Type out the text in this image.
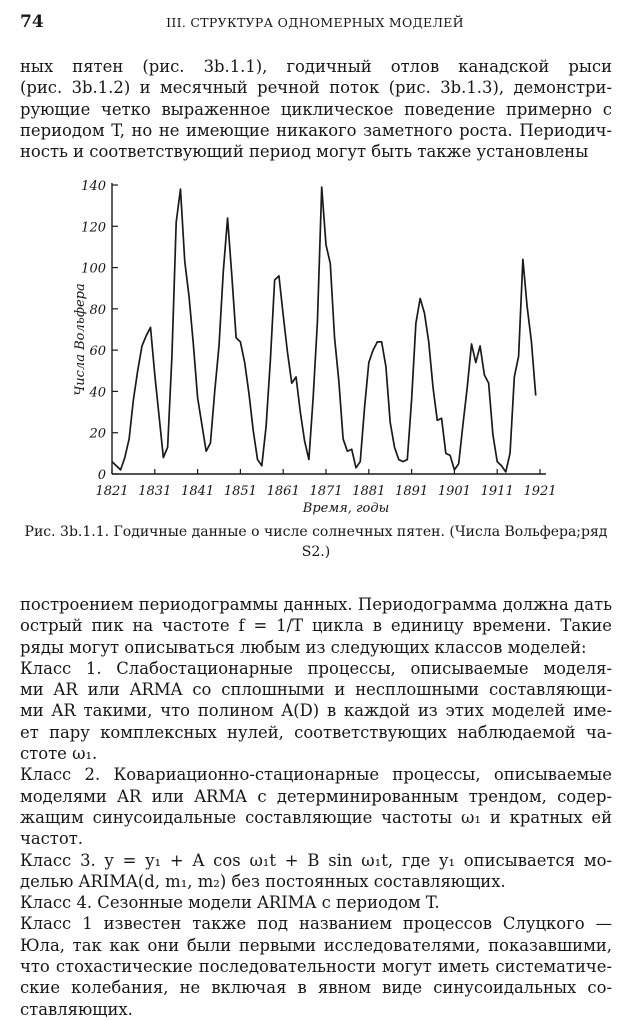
74	III. СТРУКТУРА ОДНОМЕРНЫХ МОДЕЛЕЙ
ных пятен (рис. 3b.1.1), годичный отлов канадской рыси
(рис. 3b.1.2) и месячный речной поток (рис. 3b.1.3), демонстри-
рующие четко выраженное циклическое поведение примерно с
периодом T, но не имеющие никакого заметного роста. Периодич-
ность и соответствующий период могут быть также установлены
0
20
40
60
80
100
120
140
1821 1831 1841 1851 1861 1871 1881 1891 1901 1911 1921
Числа Вольфера
Время, годы
Рис. 3b.1.1. Годичные данные о числе солнечных пятен. (Числа Вольфера;ряд S2.)
построением периодограммы данных. Периодограмма должна дать
острый пик на частоте f = 1/T цикла в единицу времени. Такие
ряды могут описываться любым из следующих классов моделей:
Класс 1. Слабостационарные процессы, описываемые моделя-
ми AR или ARMA со сплошными и несплошными составляющи-
ми AR такими, что полином A(D) в каждой из этих моделей име-
ет пару комплексных нулей, соответствующих наблюдаемой ча-
стоте ω₁.
Класс 2. Ковариационно-стационарные процессы, описываемые
моделями AR или ARMA с детерминированным трендом, содер-
жащим синусоидальные составляющие частоты ω₁ и кратных ей
частот.
Класс 3. y = y₁ + A cos ω₁t + B sin ω₁t, где y₁ описывается мо-
делью ARIMA(d, m₁, m₂) без постоянных составляющих.
Класс 4. Сезонные модели ARIMA с периодом T.
Класс 1 известен также под названием процессов Слуцкого —
Юла, так как они были первыми исследователями, показавшими,
что стохастические последовательности могут иметь систематиче-
ские колебания, не включая в явном виде синусоидальных со-
ставляющих.
